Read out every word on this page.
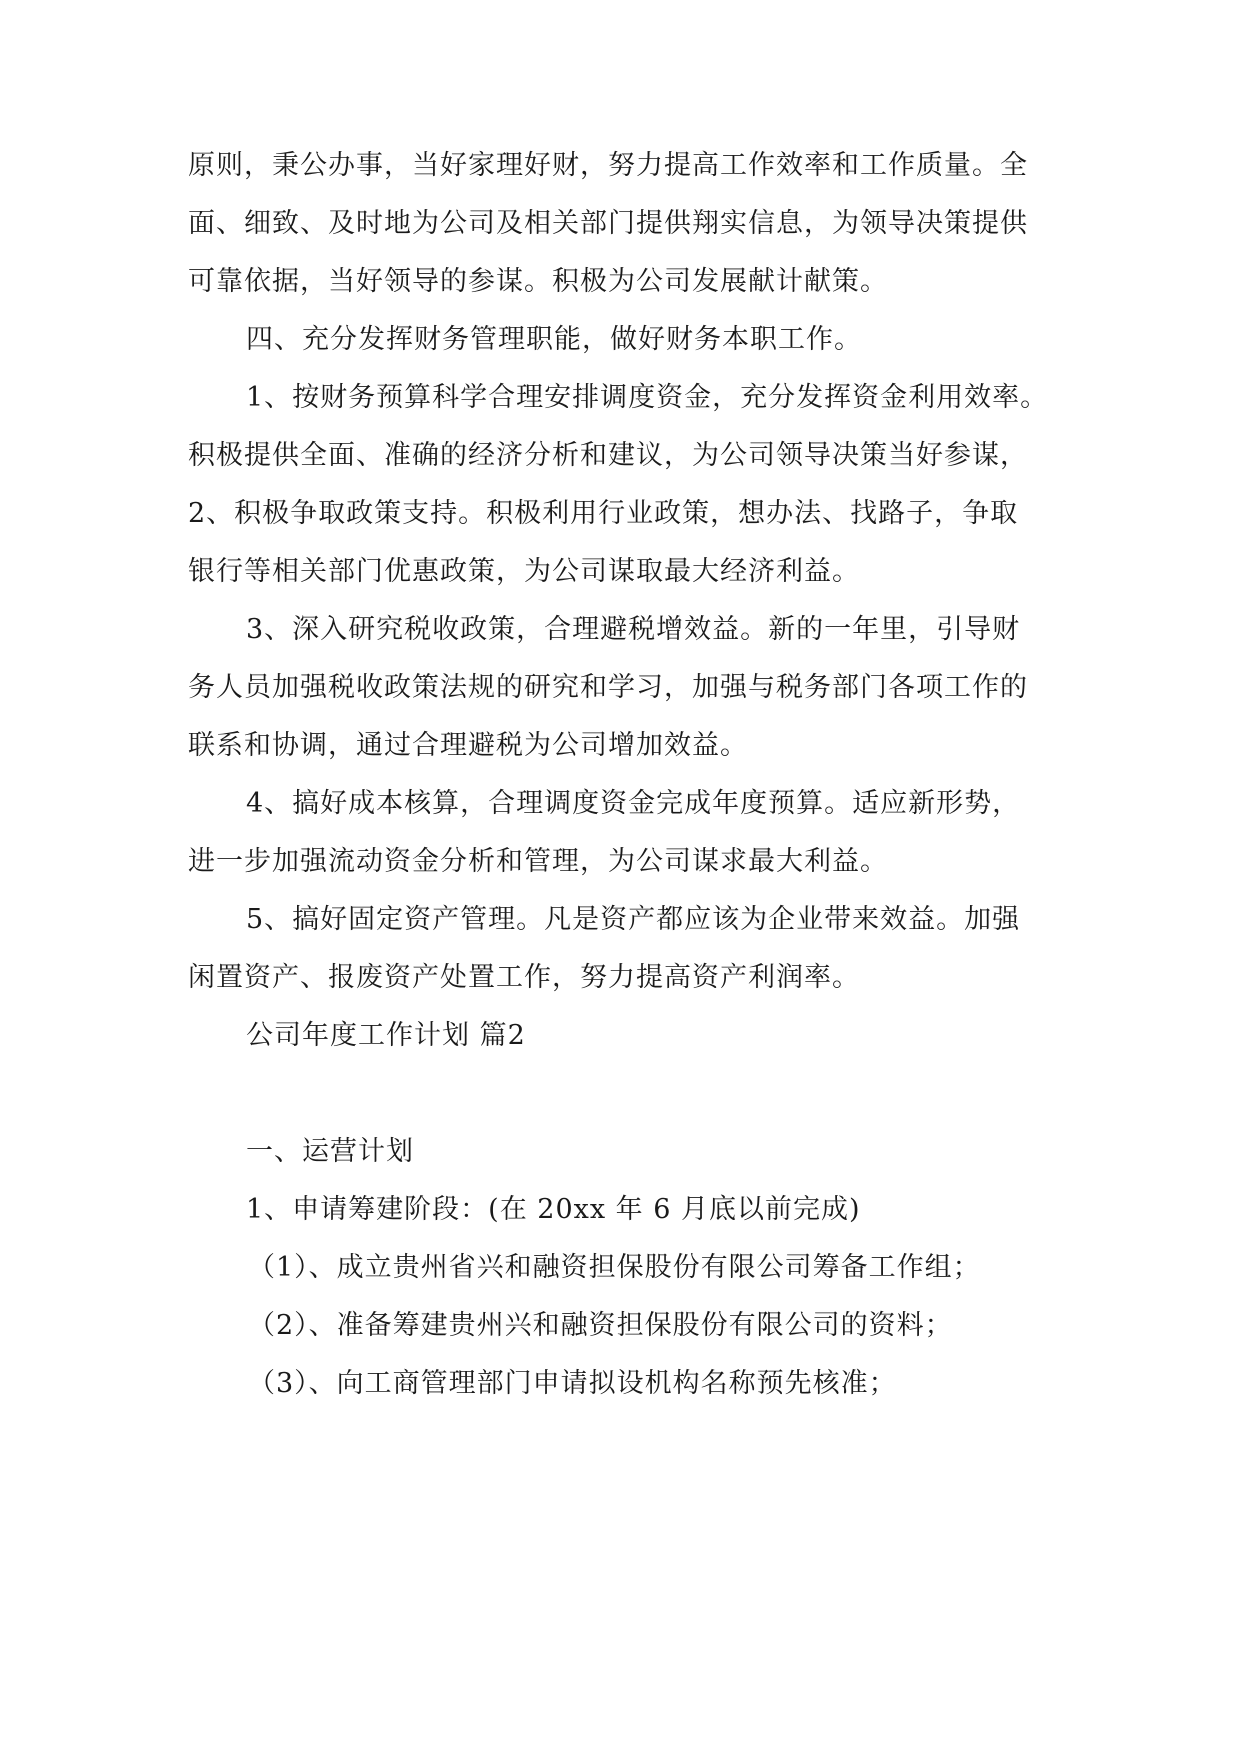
原则，秉公办事，当好家理好财，努力提高工作效率和工作质量。全
面、细致、及时地为公司及相关部门提供翔实信息，为领导决策提供
可靠依据，当好领导的参谋。积极为公司发展献计献策。
四、充分发挥财务管理职能，做好财务本职工作。
1、按财务预算科学合理安排调度资金，充分发挥资金利用效率。
积极提供全面、准确的经济分析和建议，为公司领导决策当好参谋，
2、积极争取政策支持。积极利用行业政策，想办法、找路子，争取
银行等相关部门优惠政策，为公司谋取最大经济利益。
3、深入研究税收政策，合理避税增效益。新的一年里，引导财
务人员加强税收政策法规的研究和学习，加强与税务部门各项工作的
联系和协调，通过合理避税为公司增加效益。
4、搞好成本核算，合理调度资金完成年度预算。适应新形势，
进一步加强流动资金分析和管理，为公司谋求最大利益。
5、搞好固定资产管理。凡是资产都应该为企业带来效益。加强
闲置资产、报废资产处置工作，努力提高资产利润率。
公司年度工作计划 篇2
一、运营计划
1、申请筹建阶段：(在 20xx 年 6 月底以前完成)
（1）、成立贵州省兴和融资担保股份有限公司筹备工作组；
（2）、准备筹建贵州兴和融资担保股份有限公司的资料；
（3）、向工商管理部门申请拟设机构名称预先核准；
